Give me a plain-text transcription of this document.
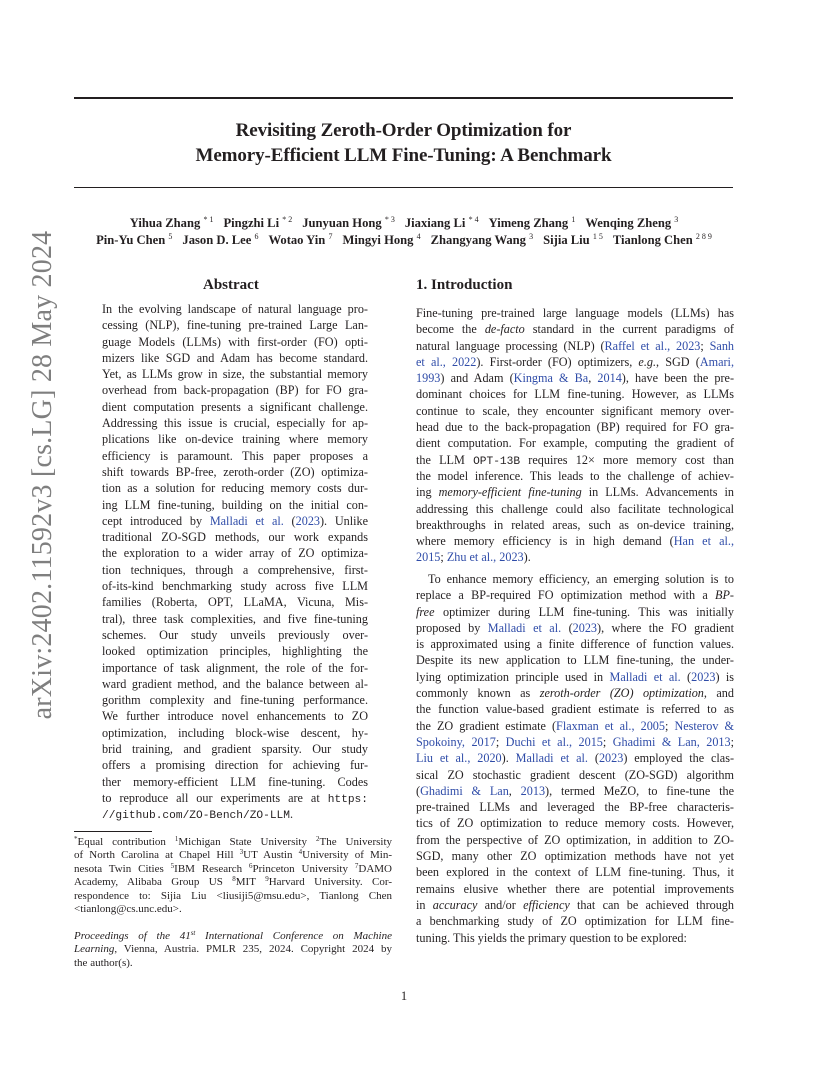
Revisiting Zeroth-Order Optimization for
Memory-Efficient LLM Fine-Tuning: A Benchmark
Yihua Zhang $^{* 1}$ Pingzhi Li $^{* 2}$ Junyuan Hong $^{* 3}$ Jiaxiang Li $^{* 4}$ Yimeng Zhang $^1$ Wenqing Zheng $^3$
Pin-Yu Chen $^5$ Jason D. Lee $^6$ Wotao Yin $^7$ Mingyi Hong $^4$ Zhangyang Wang $^3$ Sijia Liu $^{1 5}$ Tianlong Chen $^{2 8 9}$
arXiv:2402.11592v3 [cs.LG] 28 May 2024	Abstract
In the evolving landscape of natural language pro-
cessing (NLP), fine-tuning pre-trained Large Lan-
guage Models (LLMs) with first-order (FO) opti-
mizers like SGD and Adam has become standard.
Yet, as LLMs grow in size, the substantial memory
overhead from back-propagation (BP) for FO gra-
dient computation presents a significant challenge.
Addressing this issue is crucial, especially for ap-
plications like on-device training where memory
efficiency is paramount. This paper proposes a
shift towards BP-free, zeroth-order (ZO) optimiza-
tion as a solution for reducing memory costs dur-
ing LLM fine-tuning, building on the initial con-
cept introduced by Malladi et al. (2023). Unlike
traditional ZO-SGD methods, our work expands
the exploration to a wider array of ZO optimiza-
tion techniques, through a comprehensive, first-
of-its-kind benchmarking study across five LLM
families (Roberta, OPT, LLaMA, Vicuna, Mis-
tral), three task complexities, and five fine-tuning
schemes. Our study unveils previously over-
looked optimization principles, highlighting the
importance of task alignment, the role of the for-
ward gradient method, and the balance between al-
gorithm complexity and fine-tuning performance.
We further introduce novel enhancements to ZO
optimization, including block-wise descent, hy-
brid training, and gradient sparsity. Our study
offers a promising direction for achieving fur-
ther memory-efficient LLM fine-tuning. Codes
to reproduce all our experiments are at https:
//github.com/ZO-Bench/ZO-LLM.
1. Introduction
Fine-tuning pre-trained large language models (LLMs) has
become the de-facto standard in the current paradigms of
natural language processing (NLP) (Raffel et al., 2023; Sanh
et al., 2022). First-order (FO) optimizers, e.g., SGD (Amari,
1993) and Adam (Kingma & Ba, 2014), have been the pre-
dominant choices for LLM fine-tuning. However, as LLMs
continue to scale, they encounter significant memory over-
head due to the back-propagation (BP) required for FO gra-
dient computation. For example, computing the gradient of
the LLM OPT-13B requires 12× more memory cost than
the model inference. This leads to the challenge of achiev-
ing memory-efficient fine-tuning in LLMs. Advancements in
addressing this challenge could also facilitate technological
breakthroughs in related areas, such as on-device training,
where memory efficiency is in high demand (Han et al.,
2015; Zhu et al., 2023).
To enhance memory efficiency, an emerging solution is to
replace a BP-required FO optimization method with a BP-
free optimizer during LLM fine-tuning. This was initially
proposed by Malladi et al. (2023), where the FO gradient
is approximated using a finite difference of function values.
Despite its new application to LLM fine-tuning, the under-
lying optimization principle used in Malladi et al. (2023) is
commonly known as zeroth-order (ZO) optimization, and
the function value-based gradient estimate is referred to as
the ZO gradient estimate (Flaxman et al., 2005; Nesterov &
Spokoiny, 2017; Duchi et al., 2015; Ghadimi & Lan, 2013;
Liu et al., 2020). Malladi et al. (2023) employed the clas-
sical ZO stochastic gradient descent (ZO-SGD) algorithm
(Ghadimi & Lan, 2013), termed MeZO, to fine-tune the
pre-trained LLMs and leveraged the BP-free characteris-
tics of ZO optimization to reduce memory costs. However,
from the perspective of ZO optimization, in addition to ZO-
SGD, many other ZO optimization methods have not yet
been explored in the context of LLM fine-tuning. Thus, it
remains elusive whether there are potential improvements
in accuracy and/or efficiency that can be achieved through
a benchmarking study of ZO optimization for LLM fine-
tuning. This yields the primary question to be explored:
*Equal contribution $^1$Michigan State University $^2$The University
of North Carolina at Chapel Hill $^3$UT Austin $^4$University of Min-
nesota Twin Cities $^5$IBM Research $^6$Princeton University $^7$DAMO
Academy, Alibaba Group US $^8$MIT $^9$Harvard University. Cor-
respondence to: Sijia Liu <liusiji5@msu.edu>, Tianlong Chen
<tianlong@cs.unc.edu>.
Proceedings of the 41st International Conference on Machine
Learning, Vienna, Austria. PMLR 235, 2024. Copyright 2024 by
the author(s).
1
